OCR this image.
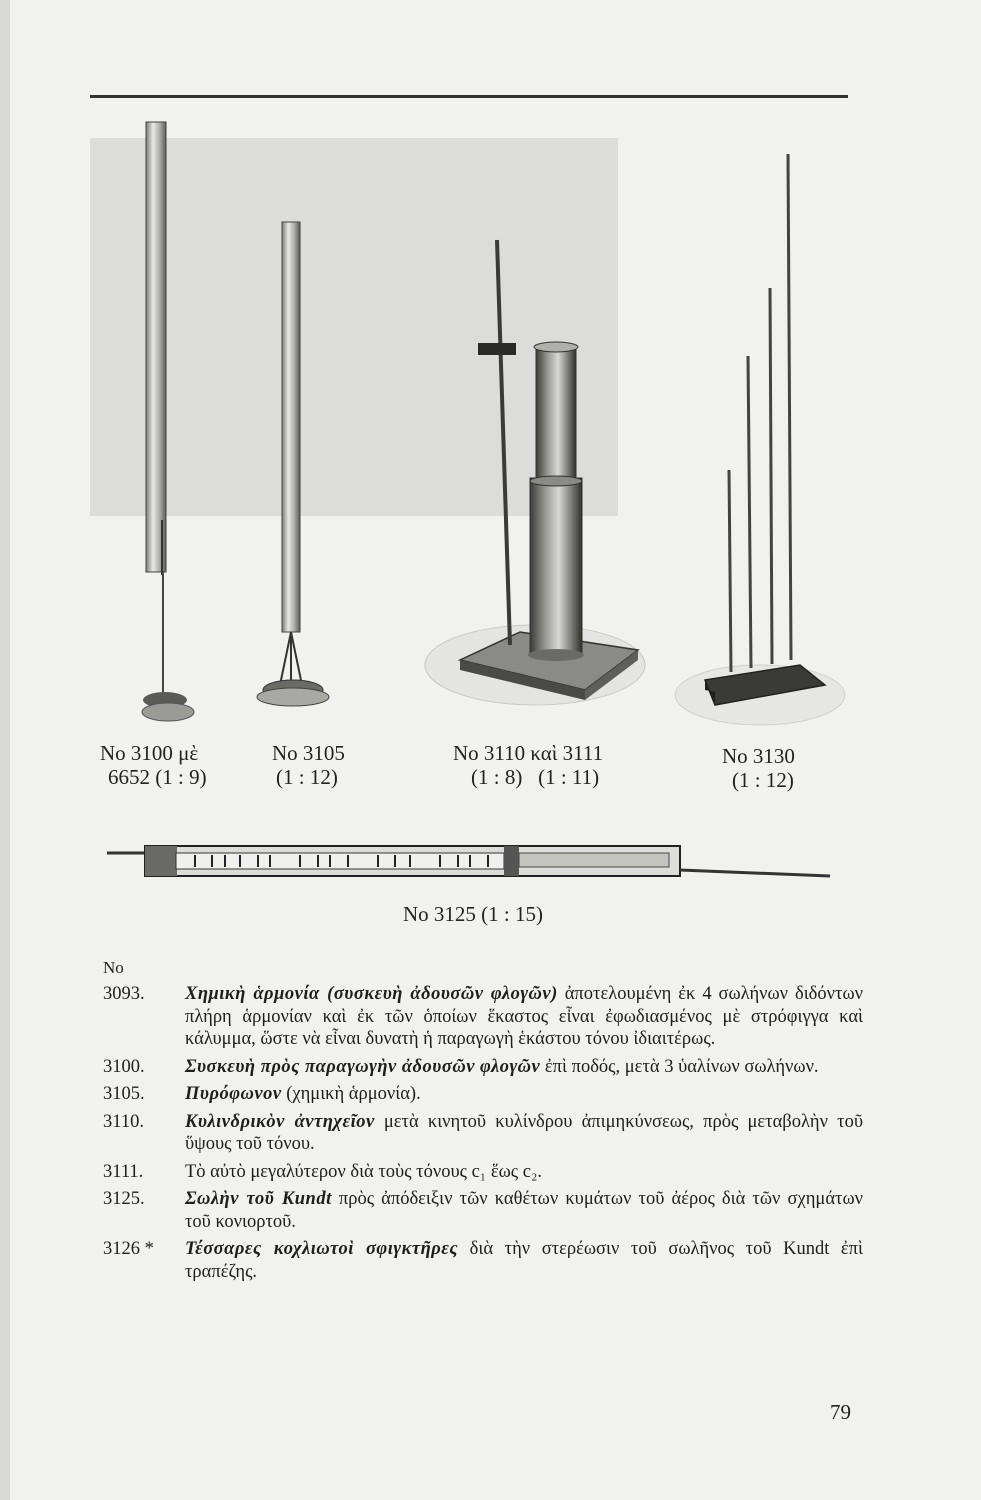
No 3100 μὲ
6652 (1 : 9)
No 3105
(1 : 12)
No 3110 καὶ 3111
(1 : 8)   (1 : 11)
No 3130
(1 : 12)
No 3125 (1 : 15)
No
3093.	Χημικὴ ἁρμονία (συσκευὴ ἀδουσῶν φλογῶν) ἀποτελουμένη ἐκ 4 σωλήνων διδόντων πλήρη ἁρμονίαν καὶ ἐκ τῶν ὁποίων ἕκαστος εἶναι ἐφωδιασμένος μὲ στρόφιγγα καὶ κάλυμμα, ὥστε νὰ εἶναι δυνατὴ ἡ παραγωγὴ ἑκάστου τόνου ἰδιαιτέρως.
3100.	Συσκευὴ πρὸς παραγωγὴν ἀδουσῶν φλογῶν ἐπὶ ποδός, μετὰ 3 ὑαλίνων σωλήνων.
3105.	Πυρόφωνον (χημικὴ ἁρμονία).
3110.	Κυλινδρικὸν ἀντηχεῖον μετὰ κινητοῦ κυλίνδρου ἀπιμηκύνσεως, πρὸς μεταβολὴν τοῦ ὕψους τοῦ τόνου.
3111.	Τὸ αὐτὸ μεγαλύτερον διὰ τοὺς τόνους c₁ ἕως c₂.
3125.	Σωλὴν τοῦ Kundt πρὸς ἀπόδειξιν τῶν καθέτων κυμάτων τοῦ ἀέρος διὰ τῶν σχημάτων τοῦ κονιορτοῦ.
3126 *	Τέσσαρες κοχλιωτοὶ σφιγκτῆρες διὰ τὴν στερέωσιν τοῦ σωλῆνος τοῦ Kundt ἐπὶ τραπέζης.
79
